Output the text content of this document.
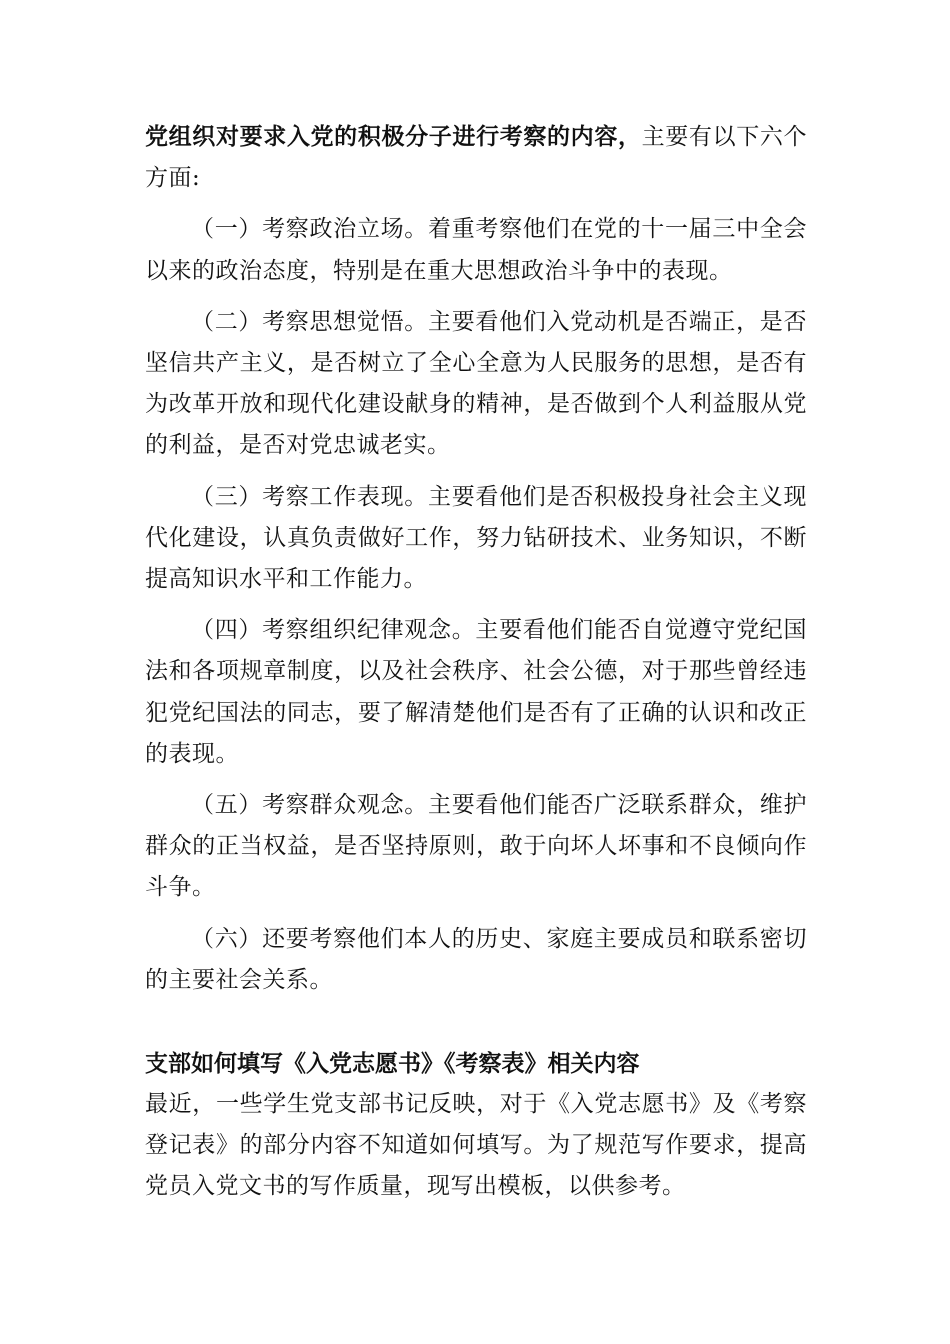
党组织对要求入党的积极分子进行考察的内容，主要有以下六个方面:

（一）考察政治立场。着重考察他们在党的十一届三中全会以来的政治态度，特别是在重大思想政治斗争中的表现。

（二）考察思想觉悟。主要看他们入党动机是否端正，是否坚信共产主义，是否树立了全心全意为人民服务的思想，是否有为改革开放和现代化建设献身的精神，是否做到个人利益服从党的利益，是否对党忠诚老实。

（三）考察工作表现。主要看他们是否积极投身社会主义现代化建设，认真负责做好工作，努力钻研技术、业务知识，不断提高知识水平和工作能力。

（四）考察组织纪律观念。主要看他们能否自觉遵守党纪国法和各项规章制度，以及社会秩序、社会公德，对于那些曾经违犯党纪国法的同志，要了解清楚他们是否有了正确的认识和改正的表现。

（五）考察群众观念。主要看他们能否广泛联系群众，维护群众的正当权益，是否坚持原则，敢于向坏人坏事和不良倾向作斗争。

（六）还要考察他们本人的历史、家庭主要成员和联系密切的主要社会关系。

支部如何填写《入党志愿书》《考察表》相关内容

最近，一些学生党支部书记反映，对于《入党志愿书》及《考察登记表》的部分内容不知道如何填写。为了规范写作要求，提高党员入党文书的写作质量，现写出模板，以供参考。
